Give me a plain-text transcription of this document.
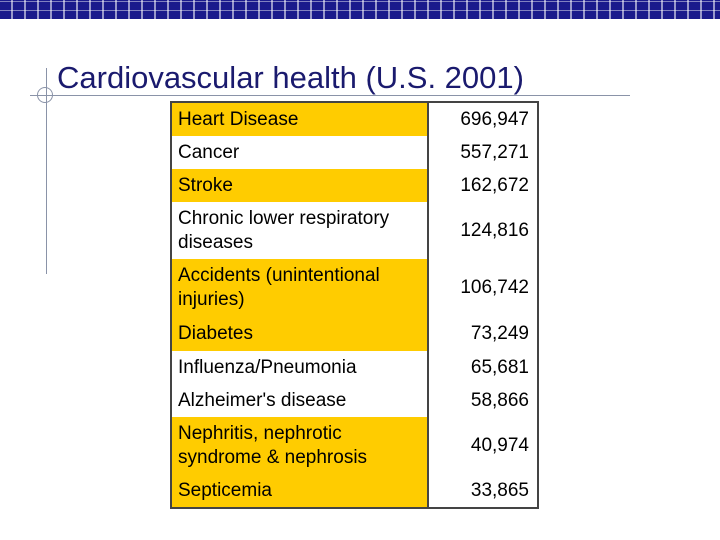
Cardiovascular health (U.S. 2001)
Heart Disease	696,947
Cancer	557,271
Stroke	162,672
Chronic lower respiratory diseases	124,816
Accidents (unintentional injuries)	106,742
Diabetes	73,249
Influenza/Pneumonia	65,681
Alzheimer's disease	58,866
Nephritis, nephrotic syndrome & nephrosis	40,974
Septicemia	33,865
